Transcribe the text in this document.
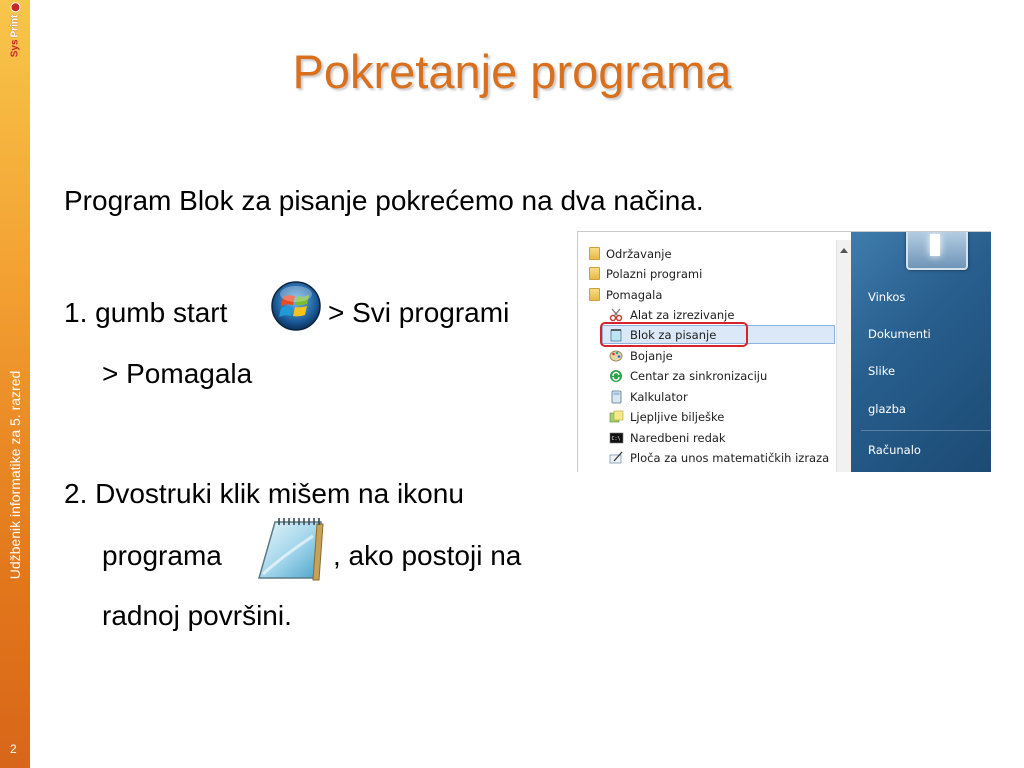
Sys
Print
Udžbenik informatike za 5. razred
2
Pokretanje programa
Program Blok za pisanje pokrećemo na dva načina.
1. gumb start	> Svi programi
> Pomagala
2. Dvostruki klik mišem na ikonu
programa	, ako postoji na
radnoj površini.
Održavanje
Polazni programi
Pomagala
Alat za izrezivanje
Blok za pisanje
Bojanje
Centar za sinkronizaciju
Kalkulator
Ljepljive bilješke
C:\ Naredbeni redak
Ploča za unos matematičkih izraza
Vinkos
Dokumenti
Slike
glazba
Računalo
